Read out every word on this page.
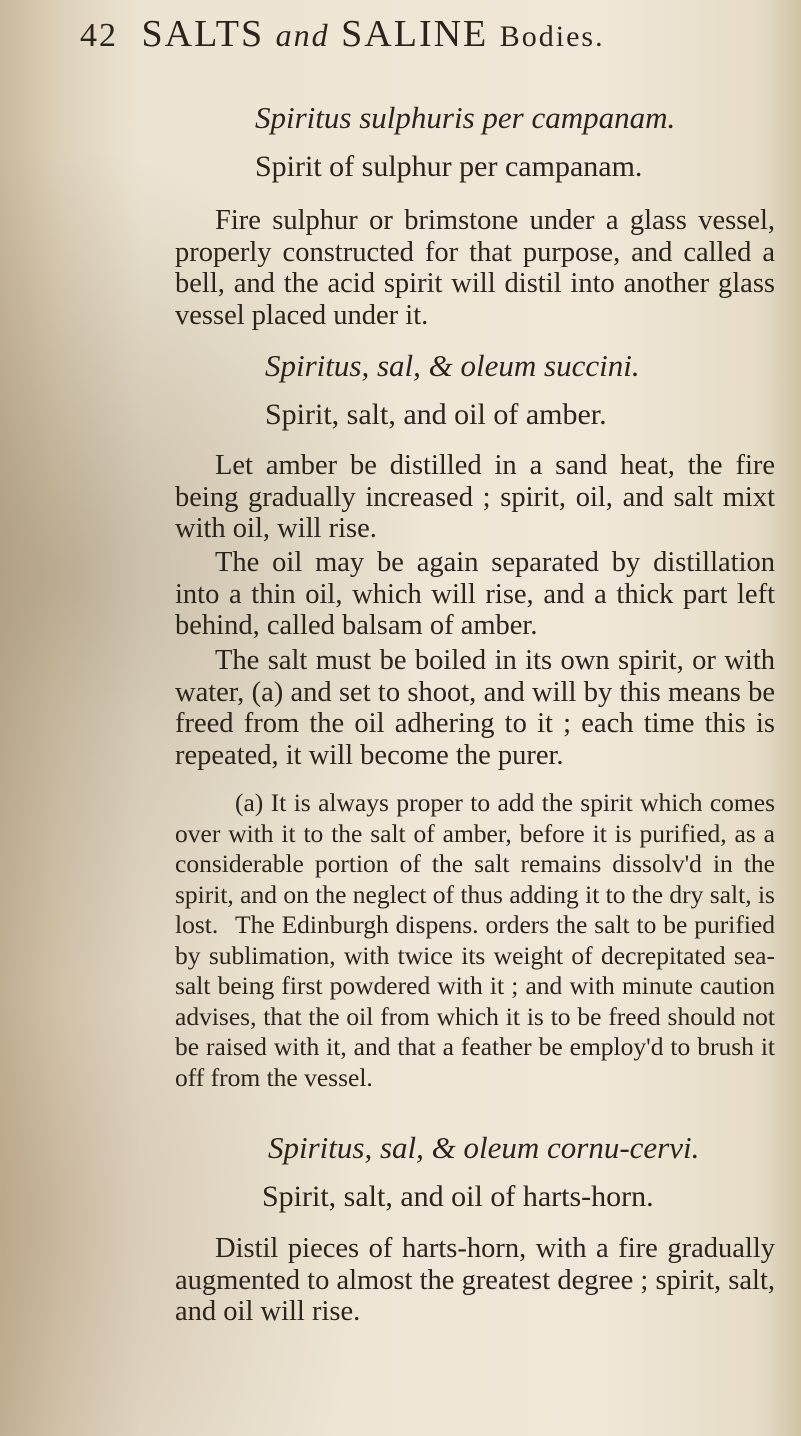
42 SALTS and SALINE Bodies.
Spiritus sulphuris per campanam.
Spirit of sulphur per campanam.
Fire sulphur or brimstone under a glass vessel, properly constructed for that purpose, and called a bell, and the acid spirit will distil into another glass vessel placed under it.
Spiritus, sal, & oleum succini.
Spirit, salt, and oil of amber.
Let amber be distilled in a sand heat, the fire being gradually increased ; spirit, oil, and salt mixt with oil, will rise.
The oil may be again separated by distillation into a thin oil, which will rise, and a thick part left behind, called balsam of amber.
The salt must be boiled in its own spirit, or with water, (a) and set to shoot, and will by this means be freed from the oil adhering to it ; each time this is repeated, it will become the purer.
(a) It is always proper to add the spirit which comes over with it to the salt of amber, before it is purified, as a considerable portion of the salt remains dissolv'd in the spirit, and on the neglect of thus adding it to the dry salt, is lost. The Edinburgh dispens. orders the salt to be purified by sublimation, with twice its weight of decrepitated sea-salt being first powdered with it ; and with minute caution advises, that the oil from which it is to be freed should not be raised with it, and that a feather be employ'd to brush it off from the vessel.
Spiritus, sal, & oleum cornu-cervi.
Spirit, salt, and oil of harts-horn.
Distil pieces of harts-horn, with a fire gradually augmented to almost the greatest degree ; spirit, salt, and oil will rise.
